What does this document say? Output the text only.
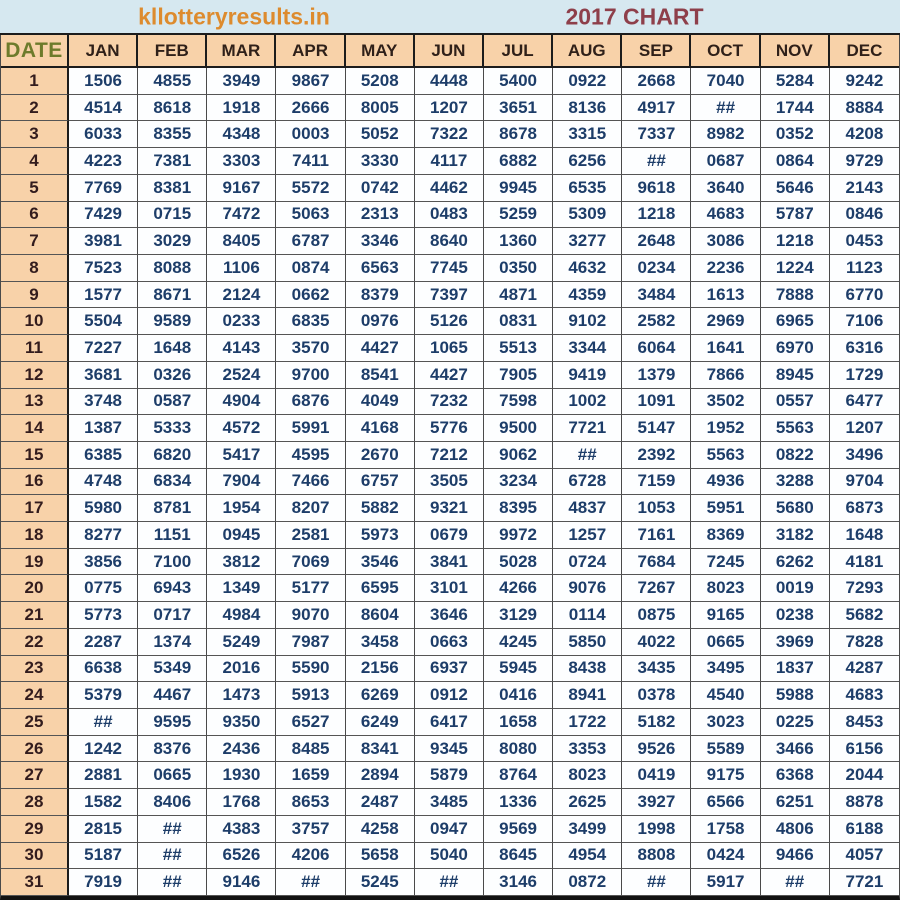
kllotteryresults.in	2017 CHART
DATE	JAN	FEB	MAR	APR	MAY	JUN	JUL	AUG	SEP	OCT	NOV	DEC
1	1506	4855	3949	9867	5208	4448	5400	0922	2668	7040	5284	9242
2	4514	8618	1918	2666	8005	1207	3651	8136	4917	##	1744	8884
3	6033	8355	4348	0003	5052	7322	8678	3315	7337	8982	0352	4208
4	4223	7381	3303	7411	3330	4117	6882	6256	##	0687	0864	9729
5	7769	8381	9167	5572	0742	4462	9945	6535	9618	3640	5646	2143
6	7429	0715	7472	5063	2313	0483	5259	5309	1218	4683	5787	0846
7	3981	3029	8405	6787	3346	8640	1360	3277	2648	3086	1218	0453
8	7523	8088	1106	0874	6563	7745	0350	4632	0234	2236	1224	1123
9	1577	8671	2124	0662	8379	7397	4871	4359	3484	1613	7888	6770
10	5504	9589	0233	6835	0976	5126	0831	9102	2582	2969	6965	7106
11	7227	1648	4143	3570	4427	1065	5513	3344	6064	1641	6970	6316
12	3681	0326	2524	9700	8541	4427	7905	9419	1379	7866	8945	1729
13	3748	0587	4904	6876	4049	7232	7598	1002	1091	3502	0557	6477
14	1387	5333	4572	5991	4168	5776	9500	7721	5147	1952	5563	1207
15	6385	6820	5417	4595	2670	7212	9062	##	2392	5563	0822	3496
16	4748	6834	7904	7466	6757	3505	3234	6728	7159	4936	3288	9704
17	5980	8781	1954	8207	5882	9321	8395	4837	1053	5951	5680	6873
18	8277	1151	0945	2581	5973	0679	9972	1257	7161	8369	3182	1648
19	3856	7100	3812	7069	3546	3841	5028	0724	7684	7245	6262	4181
20	0775	6943	1349	5177	6595	3101	4266	9076	7267	8023	0019	7293
21	5773	0717	4984	9070	8604	3646	3129	0114	0875	9165	0238	5682
22	2287	1374	5249	7987	3458	0663	4245	5850	4022	0665	3969	7828
23	6638	5349	2016	5590	2156	6937	5945	8438	3435	3495	1837	4287
24	5379	4467	1473	5913	6269	0912	0416	8941	0378	4540	5988	4683
25	##	9595	9350	6527	6249	6417	1658	1722	5182	3023	0225	8453
26	1242	8376	2436	8485	8341	9345	8080	3353	9526	5589	3466	6156
27	2881	0665	1930	1659	2894	5879	8764	8023	0419	9175	6368	2044
28	1582	8406	1768	8653	2487	3485	1336	2625	3927	6566	6251	8878
29	2815	##	4383	3757	4258	0947	9569	3499	1998	1758	4806	6188
30	5187	##	6526	4206	5658	5040	8645	4954	8808	0424	9466	4057
31	7919	##	9146	##	5245	##	3146	0872	##	5917	##	7721
